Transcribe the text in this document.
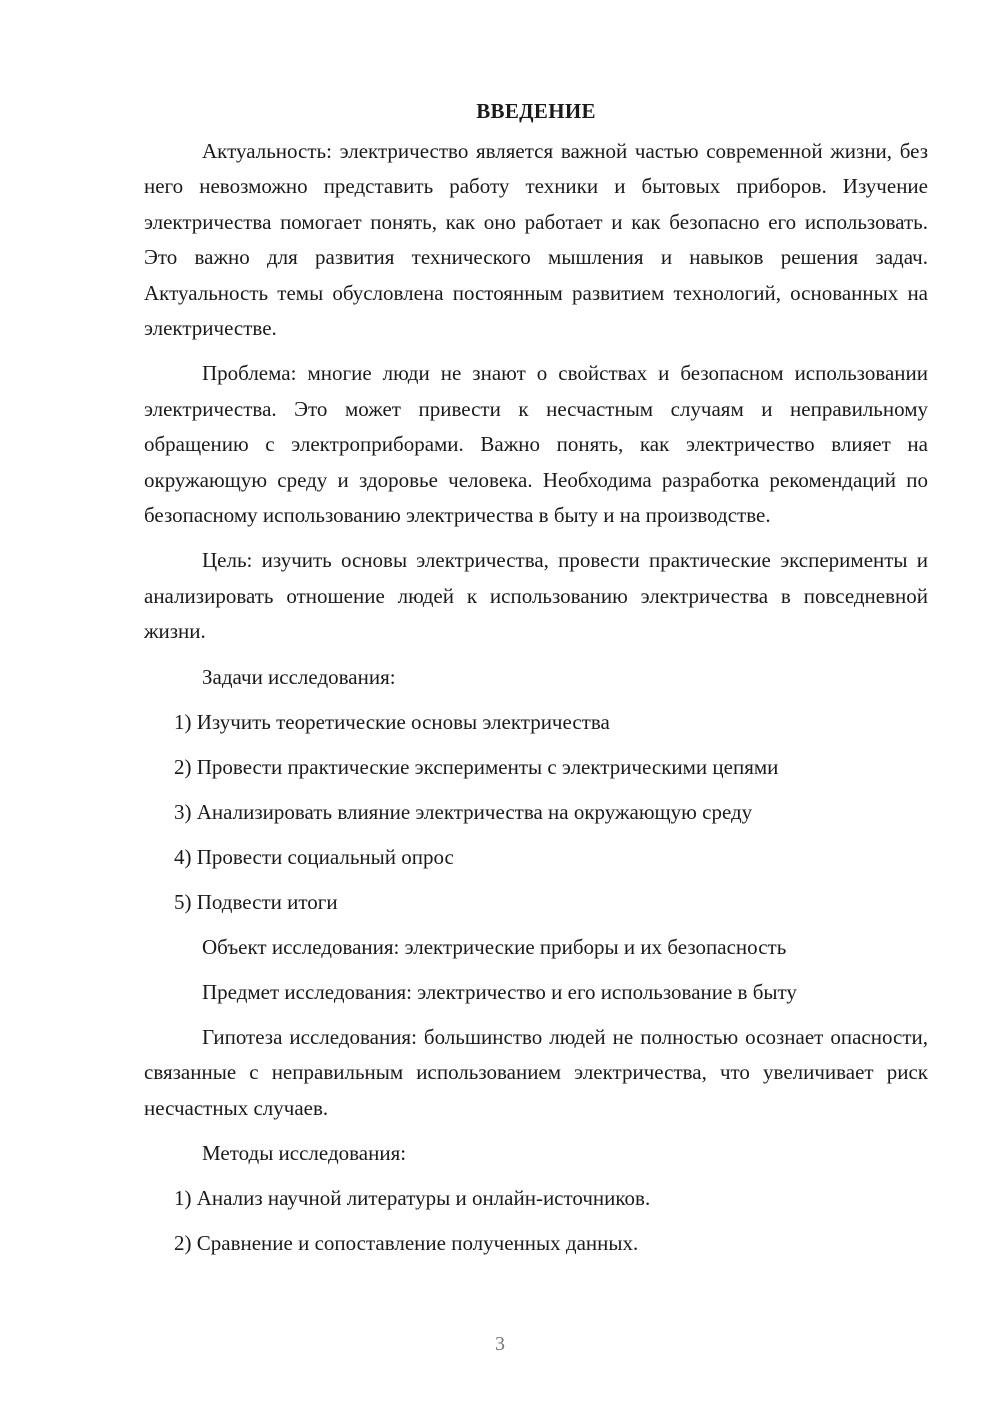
ВВЕДЕНИЕ

Актуальность: электричество является важной частью современной жизни, без него невозможно представить работу техники и бытовых приборов. Изучение электричества помогает понять, как оно работает и как безопасно его использовать. Это важно для развития технического мышления и навыков решения задач. Актуальность темы обусловлена постоянным развитием технологий, основанных на электричестве.

Проблема: многие люди не знают о свойствах и безопасном использовании электричества. Это может привести к несчастным случаям и неправильному обращению с электроприборами. Важно понять, как электричество влияет на окружающую среду и здоровье человека. Необходима разработка рекомендаций по безопасному использованию электричества в быту и на производстве.

Цель: изучить основы электричества, провести практические эксперименты и анализировать отношение людей к использованию электричества в повседневной жизни.

Задачи исследования:
1) Изучить теоретические основы электричества
2) Провести практические эксперименты с электрическими цепями
3) Анализировать влияние электричества на окружающую среду
4) Провести социальный опрос
5) Подвести итоги
Объект исследования: электрические приборы и их безопасность
Предмет исследования: электричество и его использование в быту

Гипотеза исследования: большинство людей не полностью осознает опасности, связанные с неправильным использованием электричества, что увеличивает риск несчастных случаев.

Методы исследования:
1) Анализ научной литературы и онлайн-источников.
2) Сравнение и сопоставление полученных данных.
3
